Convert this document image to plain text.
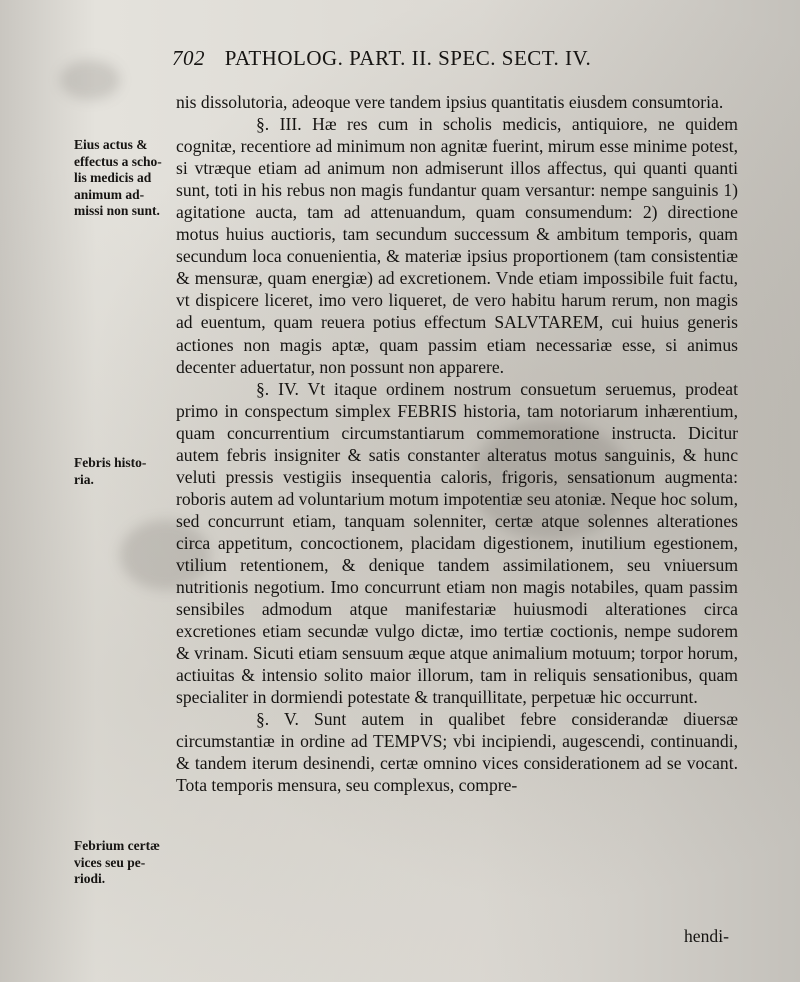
702 PATHOLOG. PART. II. SPEC. SECT. IV.
Eius actus & effectus a scho-
lis medicis ad animum ad-
missi non sunt.
Febris histo-
ria.
Febrium certæ vices seu pe-
riodi.

nis dissolutoria, adeoque vere tandem ipsius quantitatis eiusdem consumtoria.

§. III. Hæ res cum in scholis medicis, antiquiore, ne quidem cognitæ, recentiore ad minimum non agnitæ fuerint, mirum esse minime potest, si vtræque etiam ad animum non admiserunt illos affectus, qui quanti quanti sunt, toti in his rebus non magis fundantur quam versantur: nempe sanguinis 1) agitatione aucta, tam ad attenuandum, quam consumendum: 2) directione motus huius auctioris, tam secundum successum & ambitum temporis, quam secundum loca conuenientia, & materiæ ipsius proportionem (tam consistentiæ & mensuræ, quam energiæ) ad excretionem. Vnde etiam impossibile fuit factu, vt dispicere liceret, imo vero liqueret, de vero habitu harum rerum, non magis ad euentum, quam reuera potius effectum SALVTAREM, cui huius generis actiones non magis aptæ, quam passim etiam necessariæ esse, si animus decenter aduertatur, non possunt non apparere.

§. IV. Vt itaque ordinem nostrum consuetum seruemus, prodeat primo in conspectum simplex FEBRIS historia, tam notoriarum inhærentium, quam concurrentium circumstantiarum commemoratione instructa. Dicitur autem febris insigniter & satis constanter alteratus motus sanguinis, & hunc veluti pressis vestigiis insequentia caloris, frigoris, sensationum augmenta: roboris autem ad voluntarium motum impotentiæ seu atoniæ. Neque hoc solum, sed concurrunt etiam, tanquam solenniter, certæ atque solennes alterationes circa appetitum, concoctionem, placidam digestionem, inutilium egestionem, vtilium retentionem, & denique tandem assimilationem, seu vniuersum nutritionis negotium. Imo concurrunt etiam non magis notabiles, quam passim sensibiles admodum atque manifestariæ huiusmodi alterationes circa excretiones etiam secundæ vulgo dictæ, imo tertiæ coctionis, nempe sudorem & vrinam. Sicuti etiam sensuum æque atque animalium motuum; torpor horum, actiuitas & intensio solito maior illorum, tam in reliquis sensationibus, quam specialiter in dormiendi potestate & tranquillitate, perpetuæ hic occurrunt.

§. V. Sunt autem in qualibet febre considerandæ diuersæ circumstantiæ in ordine ad TEMPVS; vbi incipiendi, augescendi, continuandi, & tandem iterum desinendi, certæ omnino vices considerationem ad se vocant. Tota temporis mensura, seu complexus, compre-

hendi-
